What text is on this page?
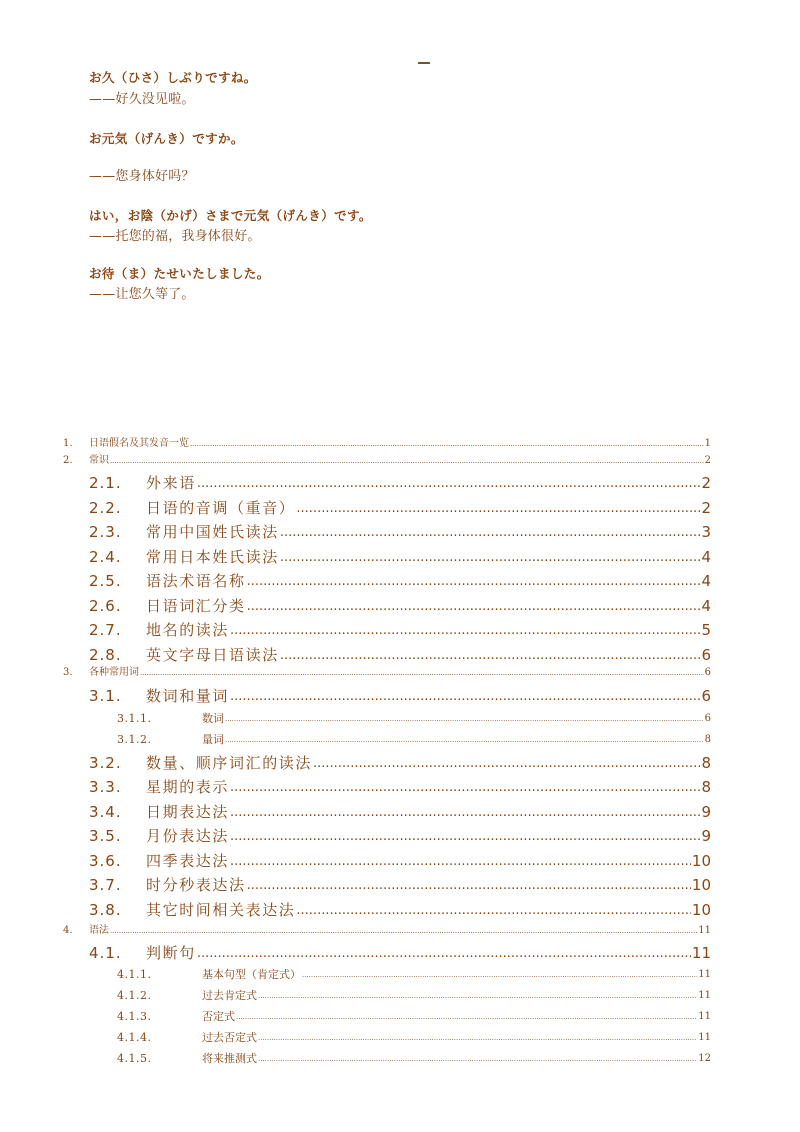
お久（ひさ）しぶりですね。
——好久没见啦。
お元気（げんき）ですか。
——您身体好吗？
はい，お陰（かげ）さまで元気（げんき）です。
——托您的福，我身体很好。
お待（ま）たせいたしました。
——让您久等了。
1.	日语假名及其发音一览 .....	1
2.	常识 .....	2
2.1.	外来语 .....	2
2.2.	日语的音调（重音） .....	2
2.3.	常用中国姓氏读法 .....	3
2.4.	常用日本姓氏读法 .....	4
2.5.	语法术语名称 .....	4
2.6.	日语词汇分类 .....	4
2.7.	地名的读法 .....	5
2.8.	英文字母日语读法 .....	6
3.	各种常用词 .....	6
3.1.	数词和量词 .....	6
3.1.1.	数词 .....	6
3.1.2.	量词 .....	8
3.2.	数量、顺序词汇的读法 .....	8
3.3.	星期的表示 .....	8
3.4.	日期表达法 .....	9
3.5.	月份表达法 .....	9
3.6.	四季表达法 .....	10
3.7.	时分秒表达法 .....	10
3.8.	其它时间相关表达法 .....	10
4.	语法 .....	11
4.1.	判断句 .....	11
4.1.1.	基本句型（肯定式） .....	11
4.1.2.	过去肯定式 .....	11
4.1.3.	否定式 .....	11
4.1.4.	过去否定式 .....	11
4.1.5.	将来推测式 .....	12
